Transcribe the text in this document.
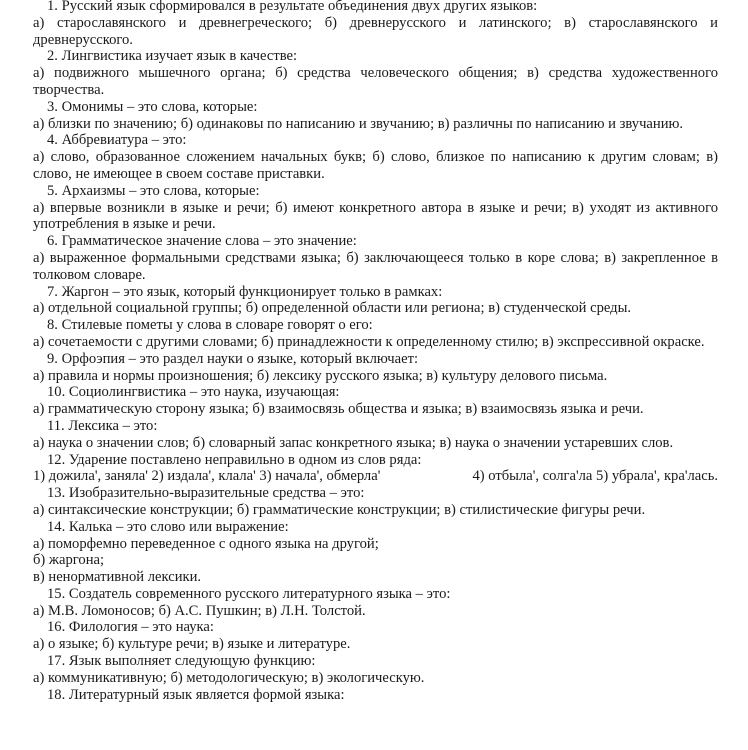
1. Русский язык сформировался в результате объединения двух других языков:
а) старославянского и древнегреческого; б) древнерусского и латинского; в) старославянского и древнерусского.
2. Лингвистика изучает язык в качестве:
а) подвижного мышечного органа; б) средства человеческого общения; в) средства художественного творчества.
3. Омонимы – это слова, которые:
а) близки по значению; б) одинаковы по написанию и звучанию; в) различны по написанию и звучанию.
4. Аббревиатура – это:
а) слово, образованное сложением начальных букв; б) слово, близкое по написанию к другим словам; в) слово, не имеющее в своем составе приставки.
5. Архаизмы – это слова, которые:
а) впервые возникли в языке и речи; б) имеют конкретного автора в языке и речи; в) уходят из активного употребления в языке и речи.
6. Грамматическое значение слова – это значение:
а) выраженное формальными средствами языка; б) заключающееся только в коре слова; в) закрепленное в толковом словаре.
7. Жаргон – это язык, который функционирует только в рамках:
а) отдельной социальной группы; б) определенной области или региона; в) студенческой среды.
8. Стилевые пометы у слова в словаре говорят о его:
а) сочетаемости с другими словами; б) принадлежности к определенному стилю; в) экспрессивной окраске.
9. Орфоэпия – это раздел науки о языке, который включает:
а) правила и нормы произношения; б) лексику русского языка; в) культуру делового письма.
10. Социолингвистика – это наука, изучающая:
а) грамматическую сторону языка; б) взаимосвязь общества и языка; в) взаимосвязь языка и речи.
11. Лексика – это:
а) наука о значении слов; б) словарный запас конкретного языка; в) наука о значении устаревших слов.
12. Ударение поставлено неправильно в одном из слов ряда:
1) дожила', заняла' 2) издала', клала' 3) начала', обмерла'	4) отбыла', солга'ла 5) убрала', кра'лась.
13. Изобразительно-выразительные средства – это:
а) синтаксические конструкции; б) грамматические конструкции; в) стилистические фигуры речи.
14. Калька – это слово или выражение:
а) поморфемно переведенное с одного языка на другой;
б) жаргона;
в) ненормативной лексики.
15. Создатель современного русского литературного языка – это:
а) М.В. Ломоносов; б) А.С. Пушкин; в) Л.Н. Толстой.
16. Филология – это наука:
а) о языке; б) культуре речи; в) языке и литературе.
17. Язык выполняет следующую функцию:
а) коммуникативную; б) методологическую; в) экологическую.
18. Литературный язык является формой языка:
